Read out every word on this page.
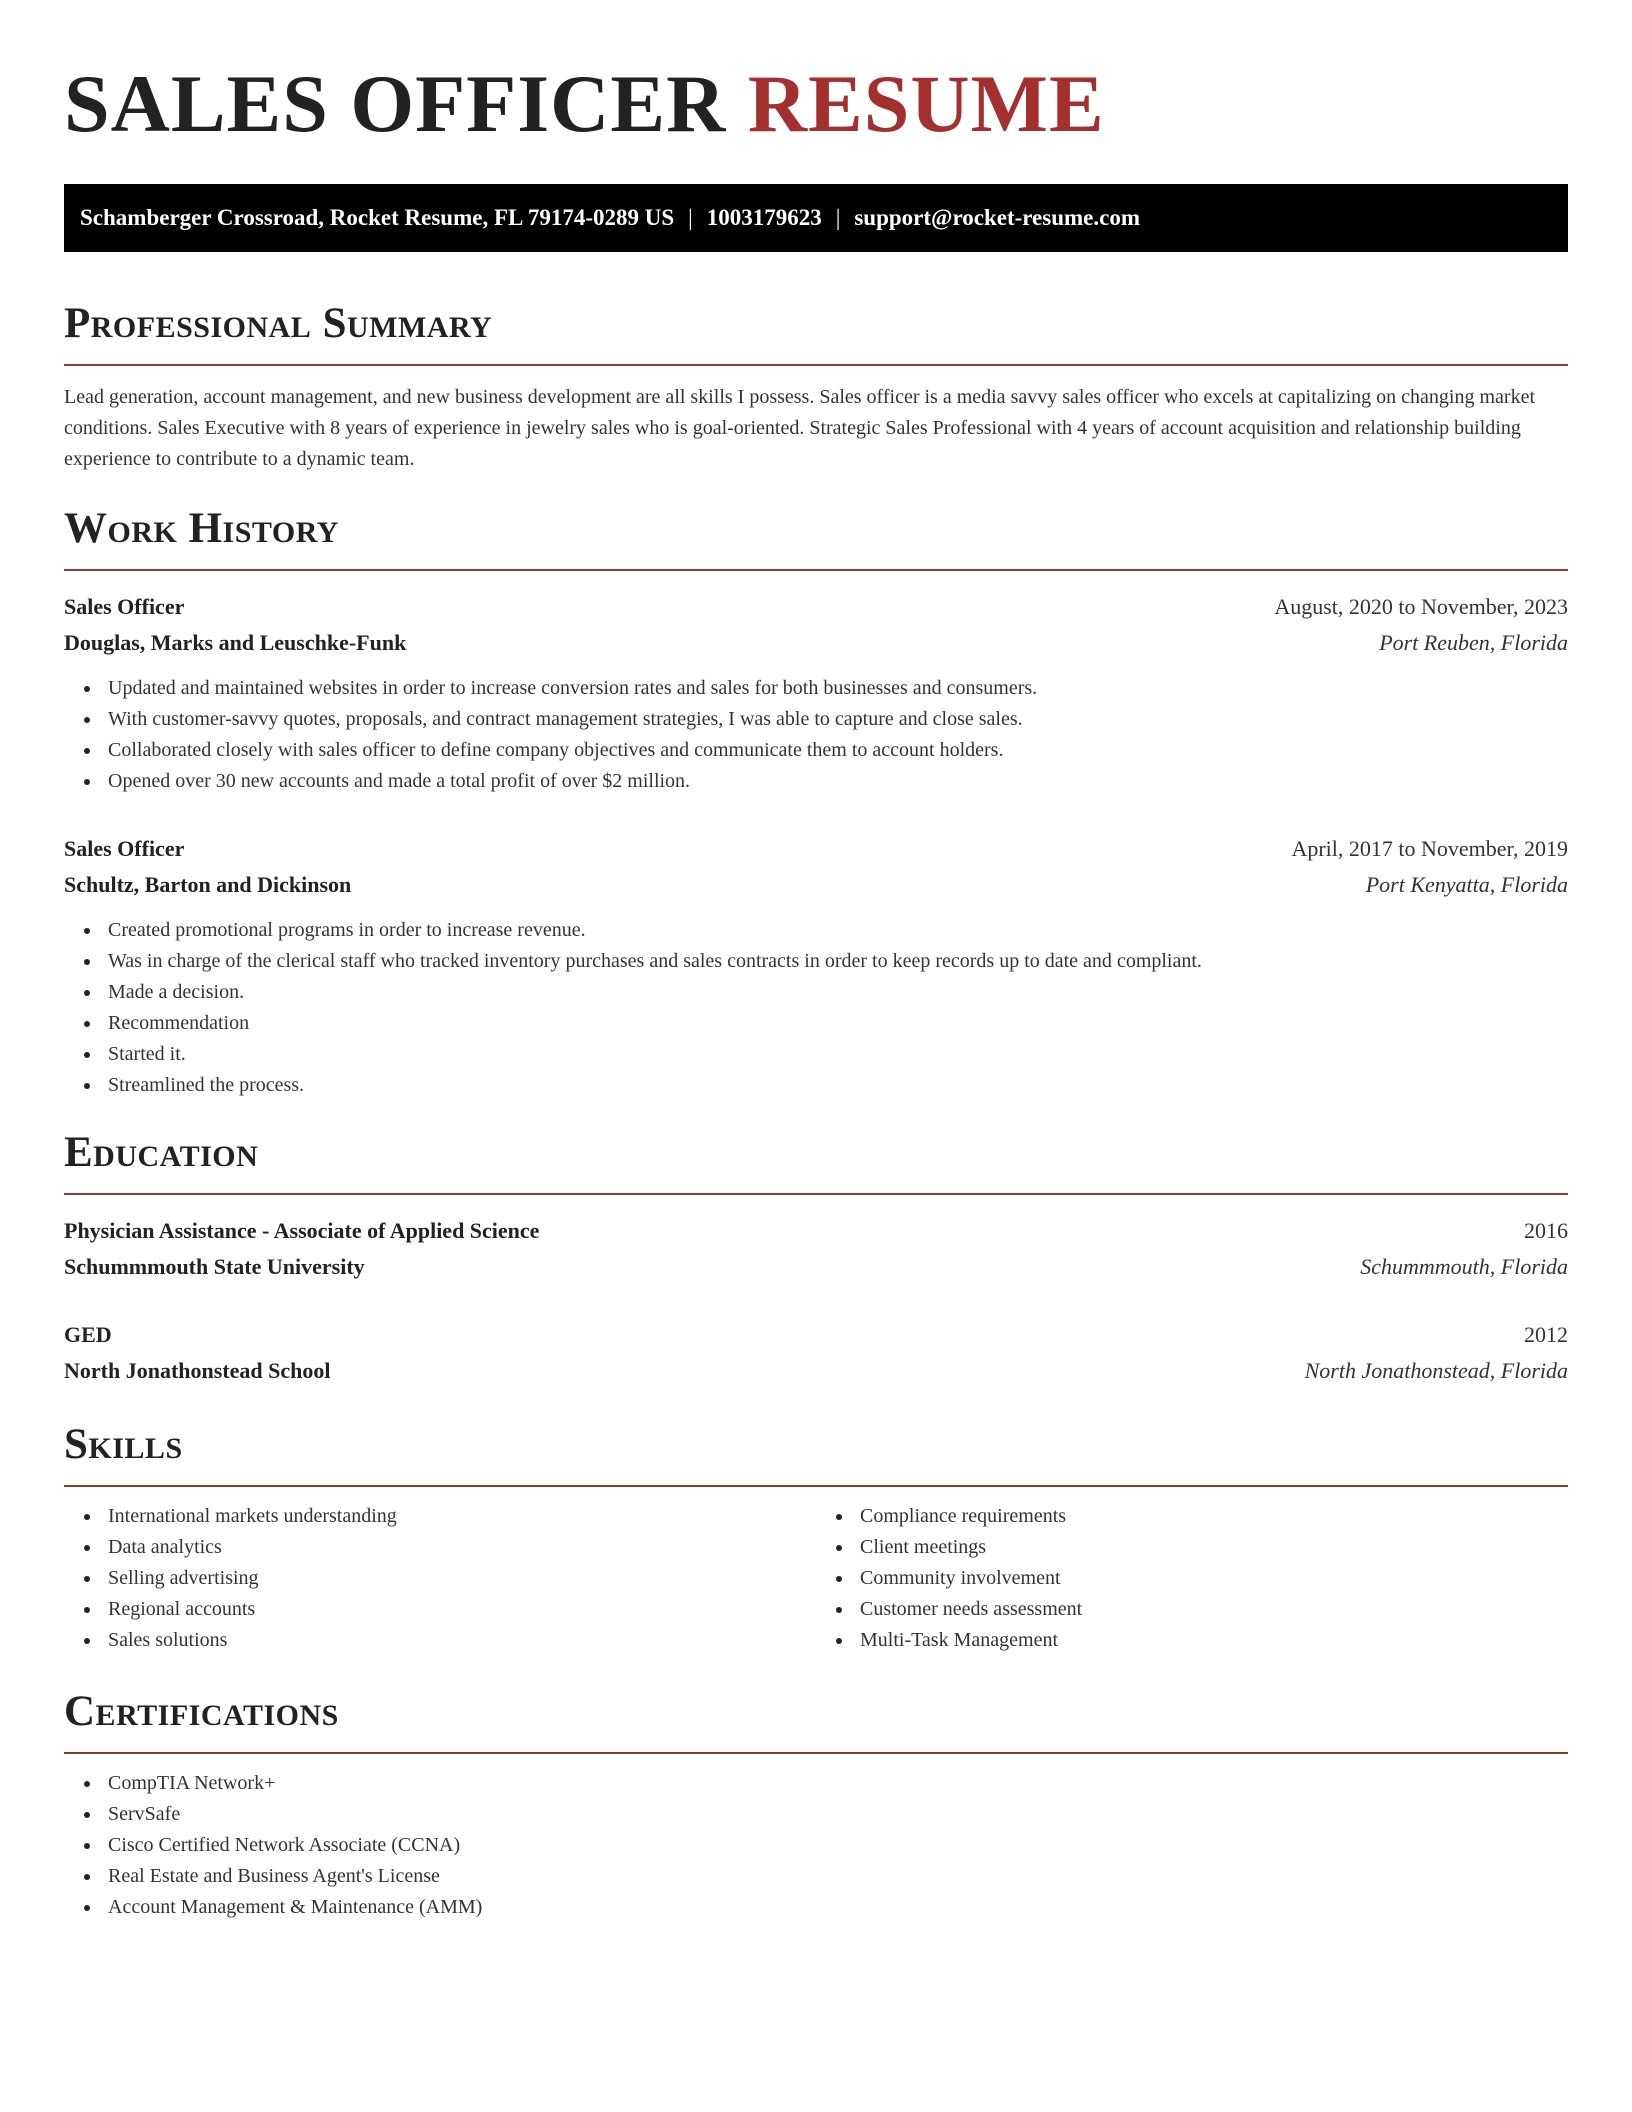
SALES OFFICER RESUME
Schamberger Crossroad, Rocket Resume, FL 79174-0289 US | 1003179623 | support@rocket-resume.com
Professional Summary

Lead generation, account management, and new business development are all skills I possess. Sales officer is a media savvy sales officer who excels at capitalizing on changing market conditions. Sales Executive with 8 years of experience in jewelry sales who is goal-oriented. Strategic Sales Professional with 4 years of account acquisition and relationship building experience to contribute to a dynamic team.

Work History
Sales Officer	August, 2020 to November, 2023
Douglas, Marks and Leuschke-Funk	Port Reuben, Florida
Updated and maintained websites in order to increase conversion rates and sales for both businesses and consumers.
With customer-savvy quotes, proposals, and contract management strategies, I was able to capture and close sales.
Collaborated closely with sales officer to define company objectives and communicate them to account holders.
Opened over 30 new accounts and made a total profit of over $2 million.
Sales Officer	April, 2017 to November, 2019
Schultz, Barton and Dickinson	Port Kenyatta, Florida
Created promotional programs in order to increase revenue.
Was in charge of the clerical staff who tracked inventory purchases and sales contracts in order to keep records up to date and compliant.
Made a decision.
Recommendation
Started it.
Streamlined the process.
Education
Physician Assistance - Associate of Applied Science	2016
Schummmouth State University	Schummmouth, Florida
GED	2012
North Jonathonstead School	North Jonathonstead, Florida
Skills
International markets understanding
Data analytics
Selling advertising
Regional accounts
Sales solutions
Compliance requirements
Client meetings
Community involvement
Customer needs assessment
Multi-Task Management
Certifications
CompTIA Network+
ServSafe
Cisco Certified Network Associate (CCNA)
Real Estate and Business Agent's License
Account Management & Maintenance (AMM)
